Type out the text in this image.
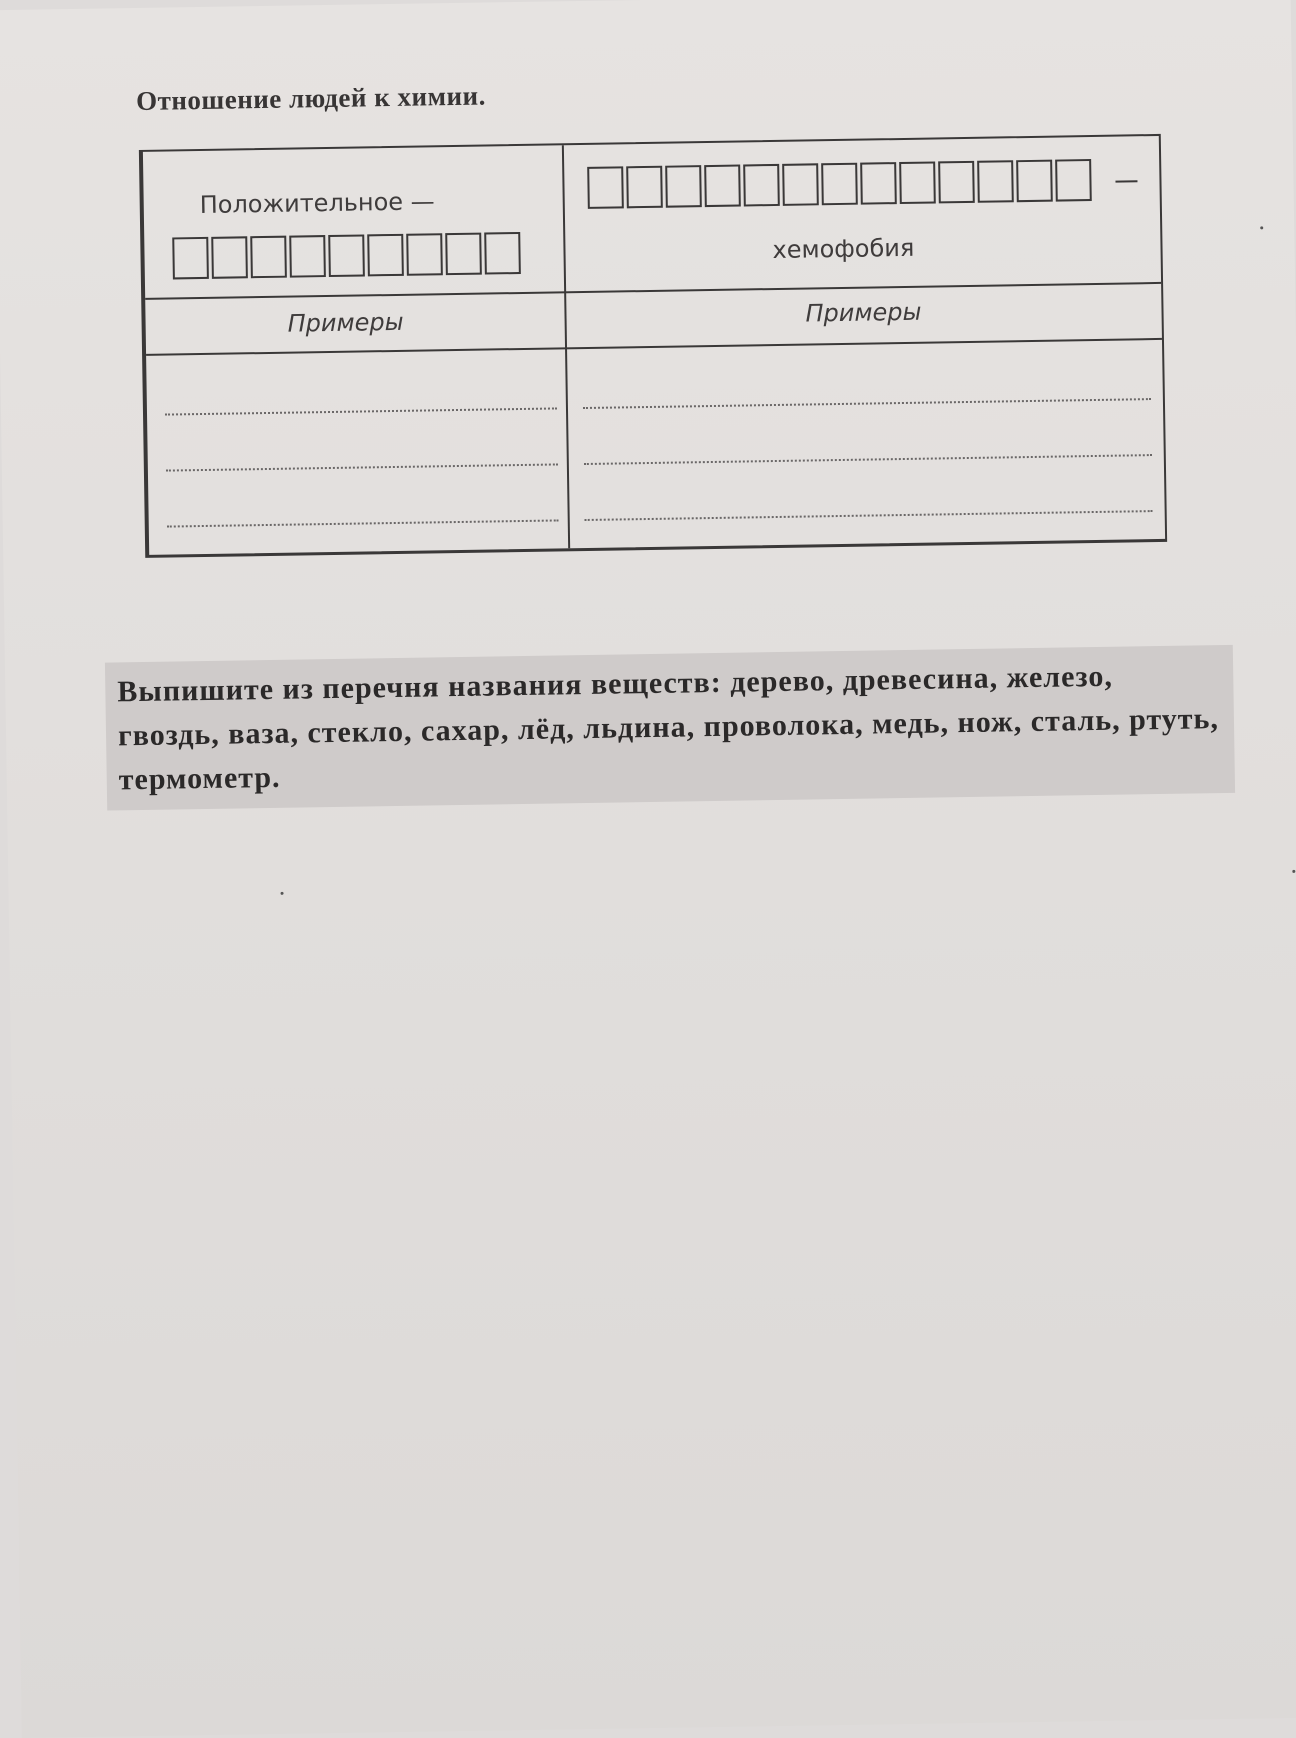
Отношение людей к химии.
Положительное —
хемофобия
Примеры	Примеры
Выпишите из перечня названия веществ: дерево, древесина, железо, гвоздь, ваза, стекло, сахар, лёд, льдина, проволока, медь, нож, сталь, ртуть, термометр.
